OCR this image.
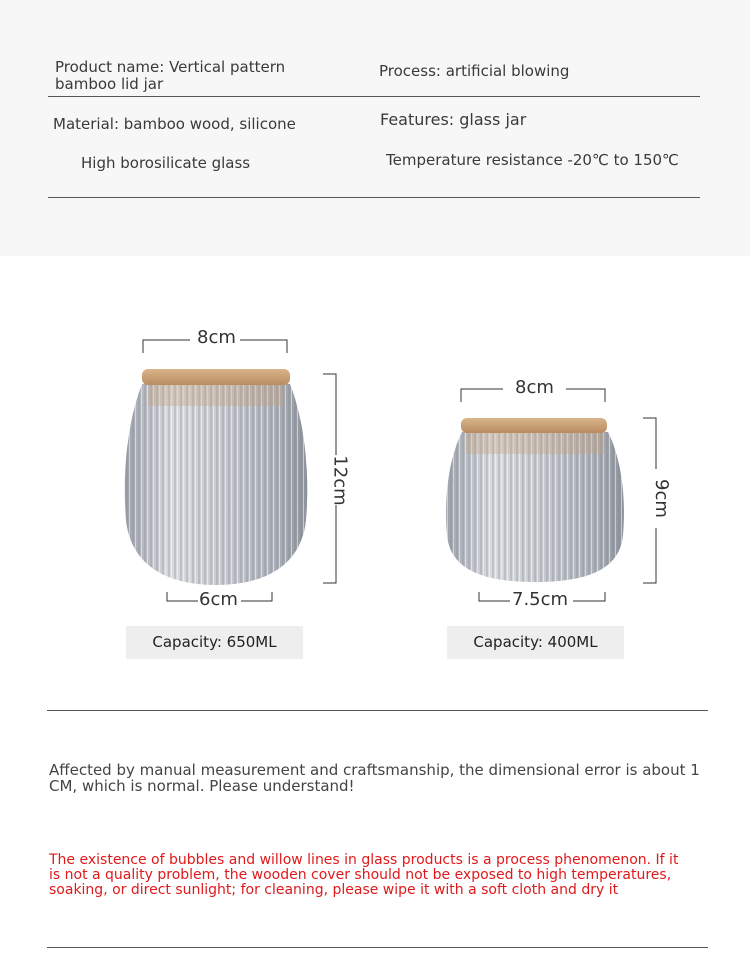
Product name: Vertical pattern
bamboo lid jar
Process: artificial blowing
Material: bamboo wood, silicone	Features: glass jar
High borosilicate glass	Temperature resistance -20℃ to 150℃
8cm
12cm
6cm
Capacity: 650ML
8cm
9cm
7.5cm
Capacity: 400ML
Affected by manual measurement and craftsmanship, the dimensional error is about 1 CM, which is normal. Please understand!
The existence of bubbles and willow lines in glass products is a process phenomenon. If it is not a quality problem, the wooden cover should not be exposed to high temperatures, soaking, or direct sunlight; for cleaning, please wipe it with a soft cloth and dry it
